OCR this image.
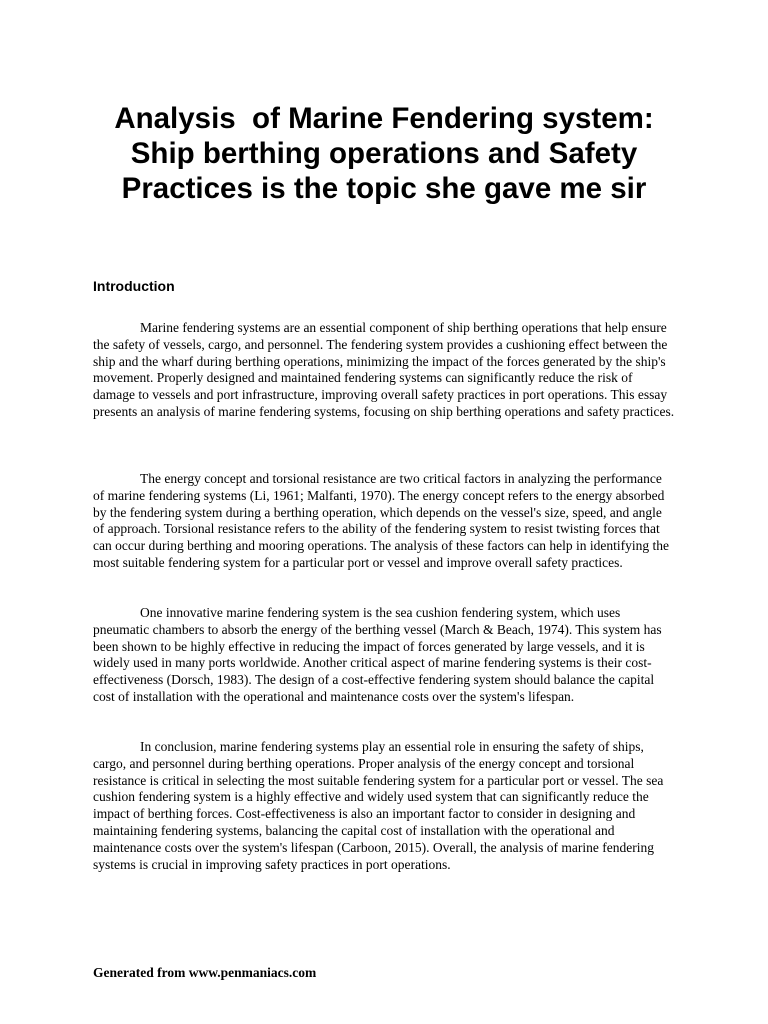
Analysis  of Marine Fendering system:  Ship berthing operations and Safety  Practices is the topic she gave me sir
Introduction

Marine fendering systems are an essential component of ship berthing operations that help ensure the safety of vessels, cargo, and personnel. The fendering system provides a cushioning effect between the ship and the wharf during berthing operations, minimizing the impact of the forces generated by the ship's movement. Properly designed and maintained fendering systems can significantly reduce the risk of damage to vessels and port infrastructure, improving overall safety practices in port operations. This essay presents an analysis of marine fendering systems, focusing on ship berthing operations and safety practices.

The energy concept and torsional resistance are two critical factors in analyzing the performance of marine fendering systems (Li, 1961; Malfanti, 1970). The energy concept refers to the energy absorbed by the fendering system during a berthing operation, which depends on the vessel's size, speed, and angle of approach. Torsional resistance refers to the ability of the fendering system to resist twisting forces that can occur during berthing and mooring operations. The analysis of these factors can help in identifying the most suitable fendering system for a particular port or vessel and improve overall safety practices.

One innovative marine fendering system is the sea cushion fendering system, which uses pneumatic chambers to absorb the energy of the berthing vessel (March & Beach, 1974). This system has been shown to be highly effective in reducing the impact of forces generated by large vessels, and it is widely used in many ports worldwide. Another critical aspect of marine fendering systems is their cost-effectiveness (Dorsch, 1983). The design of a cost-effective fendering system should balance the capital cost of installation with the operational and maintenance costs over the system's lifespan.

In conclusion, marine fendering systems play an essential role in ensuring the safety of ships, cargo, and personnel during berthing operations. Proper analysis of the energy concept and torsional resistance is critical in selecting the most suitable fendering system for a particular port or vessel. The sea cushion fendering system is a highly effective and widely used system that can significantly reduce the impact of berthing forces. Cost-effectiveness is also an important factor to consider in designing and maintaining fendering systems, balancing the capital cost of installation with the operational and maintenance costs over the system's lifespan (Carboon, 2015). Overall, the analysis of marine fendering systems is crucial in improving safety practices in port operations.

Generated from www.penmaniacs.com
